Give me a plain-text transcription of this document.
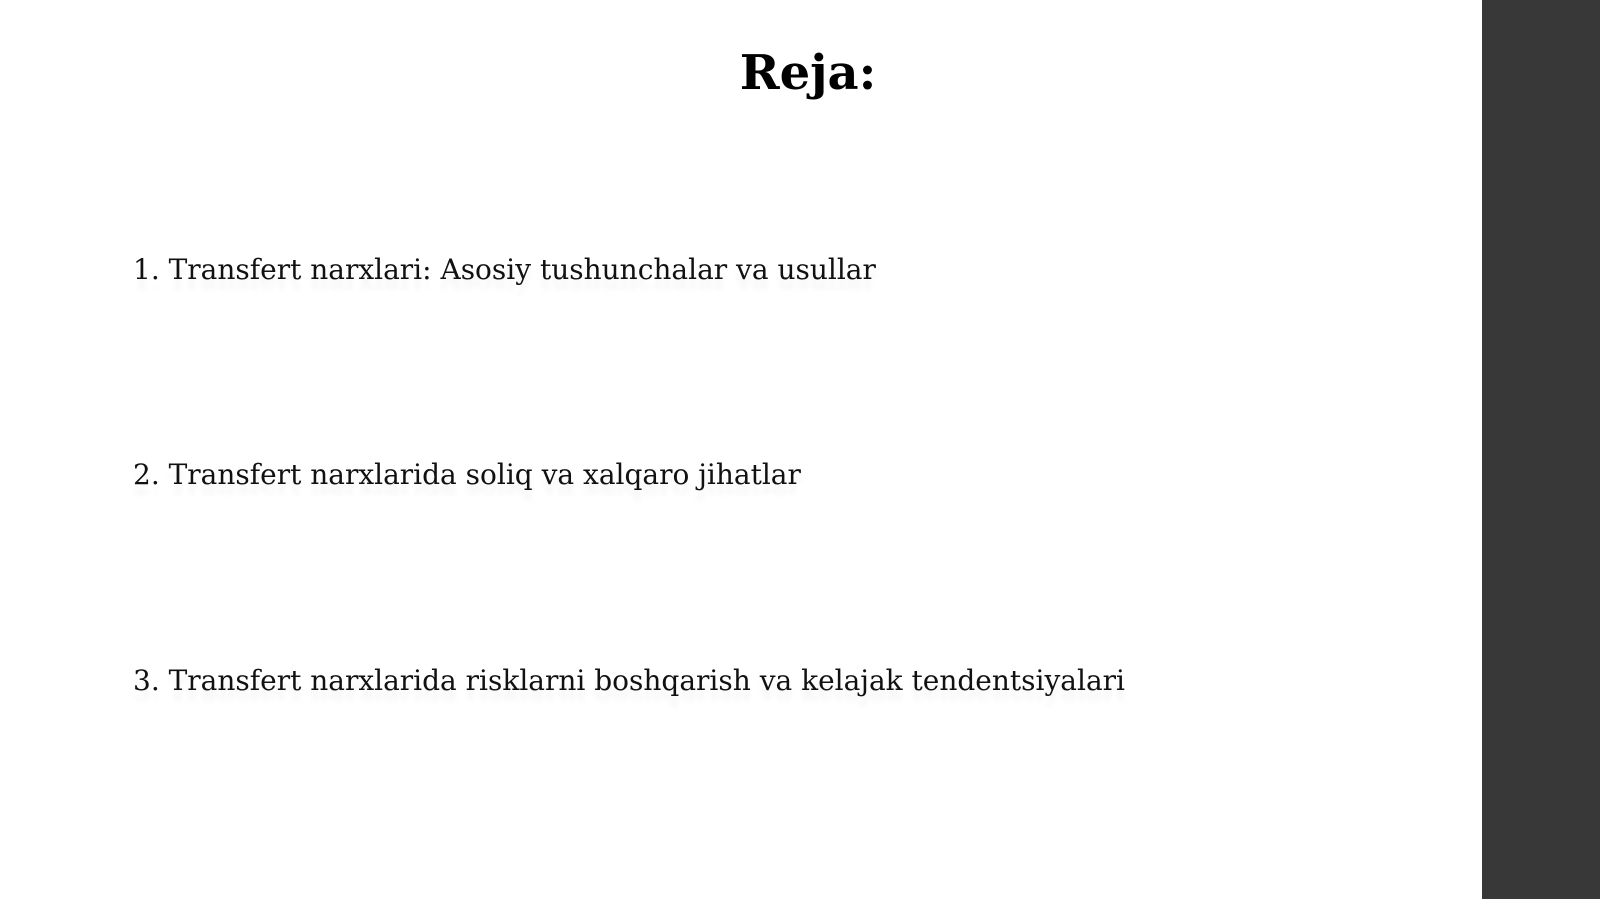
Reja:
1. Transfert narxlari: Asosiy tushunchalar va usullar
2. Transfert narxlarida soliq va xalqaro jihatlar
3. Transfert narxlarida risklarni boshqarish va kelajak tendentsiyalari
